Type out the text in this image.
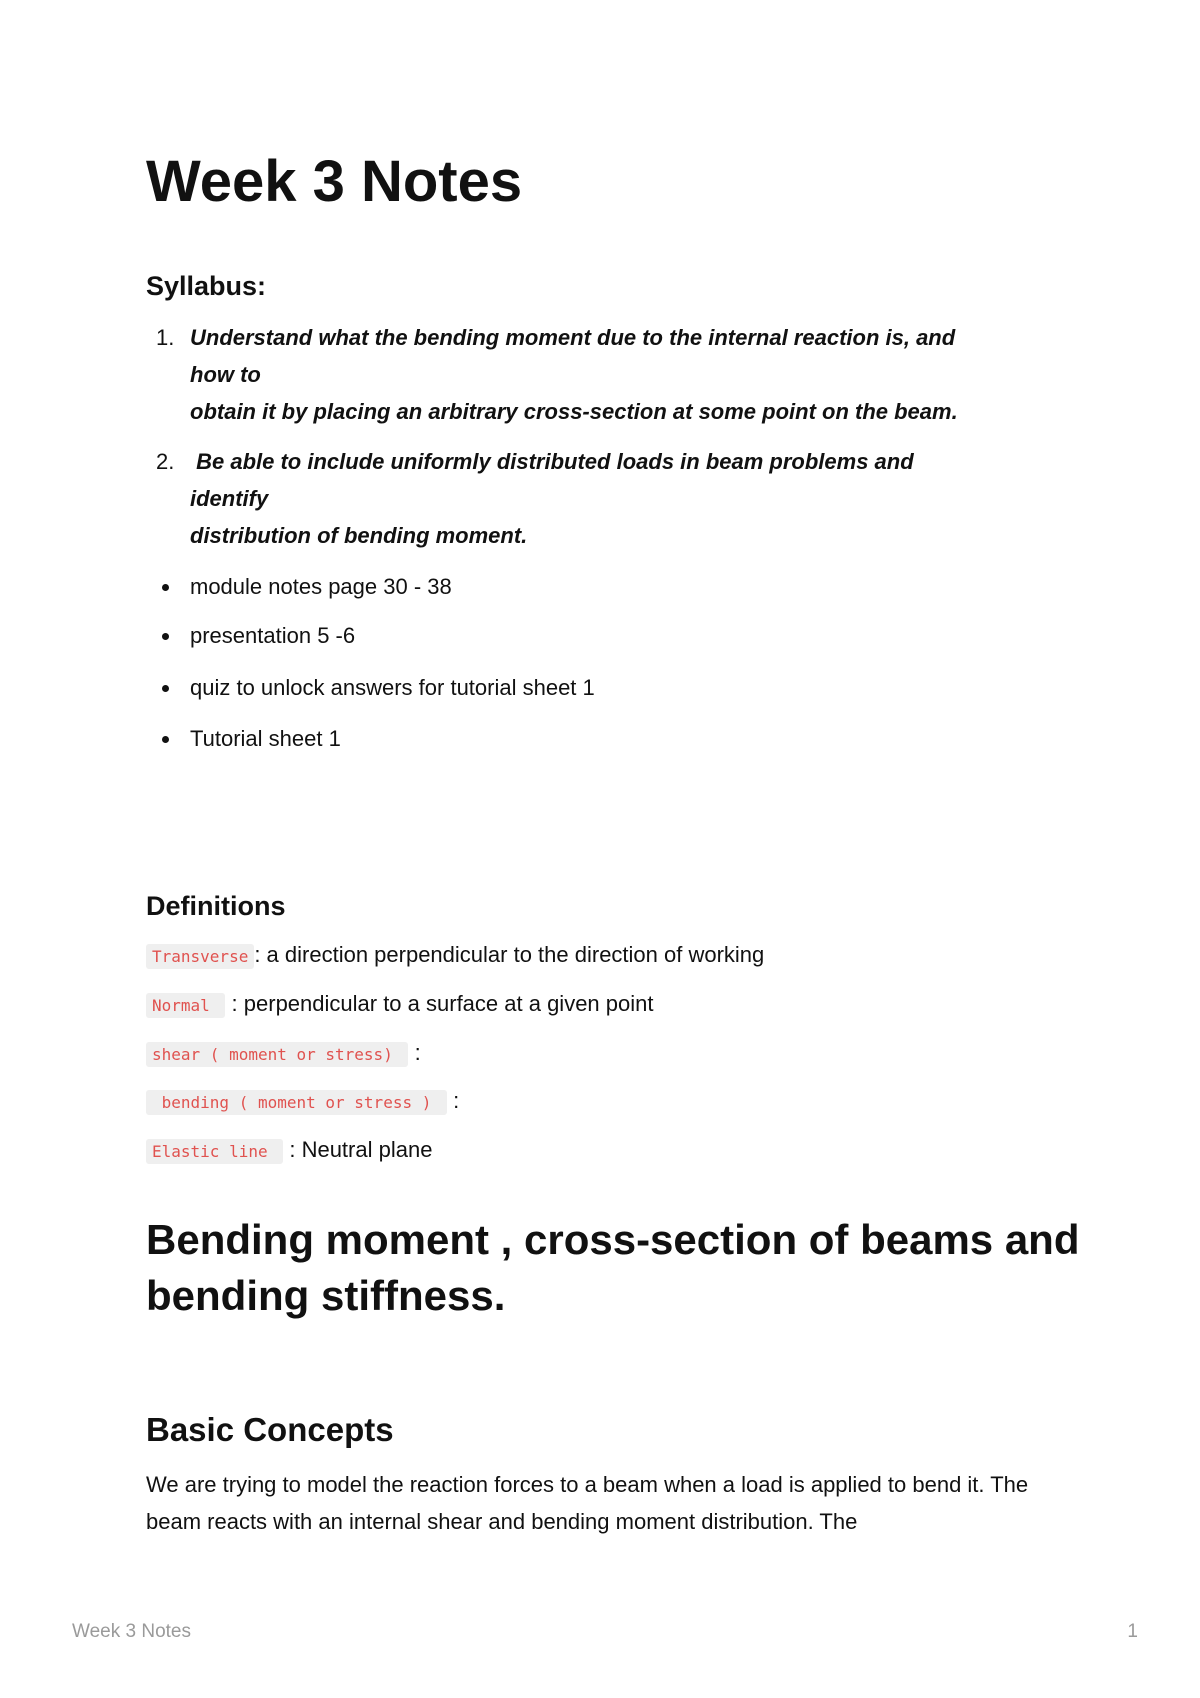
Week 3 Notes
Syllabus:
1. Understand what the bending moment due to the internal reaction is, and
how to
obtain it by placing an arbitrary cross-section at some point on the beam.
2. Be able to include uniformly distributed loads in beam problems and
identify
distribution of bending moment.
module notes page 30 - 38
presentation 5 -6
quiz to unlock answers for tutorial sheet 1
Tutorial sheet 1
Definitions
Transverse : a direction perpendicular to the direction of working
Normal  : perpendicular to a surface at a given point
shear ( moment or stress)  :
bending ( moment or stress )  :
Elastic line  : Neutral plane
Bending moment , cross-section of beams and bending stiffness.
Basic Concepts

We are trying to model the reaction forces to a beam when a load is applied to bend it. The beam reacts with an internal shear and bending moment distribution. The

Week 3 Notes	1
